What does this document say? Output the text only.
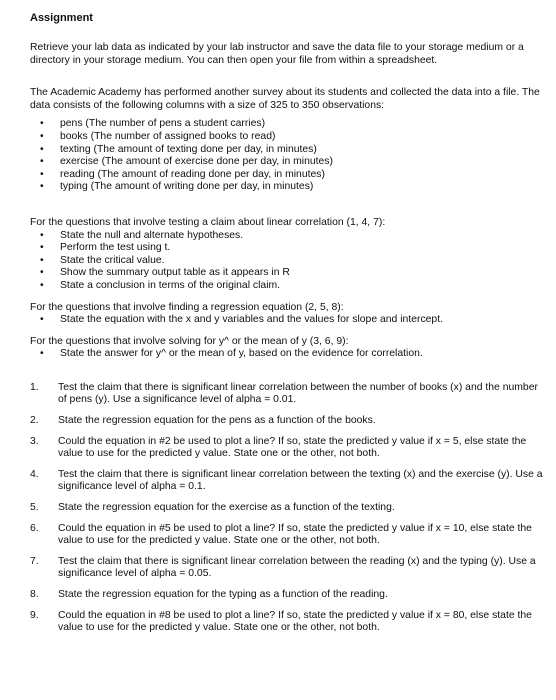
Assignment

Retrieve your lab data as indicated by your lab instructor and save the data file to your storage medium or a directory in your storage medium. You can then open your file from within a spreadsheet.

The Academic Academy has performed another survey about its students and collected the data into a file. The data consists of the following columns with a size of 325 to 350 observations:

• pens (The number of pens a student carries)
• books (The number of assigned books to read)
• texting (The amount of texting done per day, in minutes)
• exercise (The amount of exercise done per day, in minutes)
• reading (The amount of reading done per day, in minutes)
• typing (The amount of writing done per day, in minutes)

For the questions that involve testing a claim about linear correlation (1, 4, 7):

• State the null and alternate hypotheses.
• Perform the test using t.
• State the critical value.
• Show the summary output table as it appears in R
• State a conclusion in terms of the original claim.

For the questions that involve finding a regression equation (2, 5, 8):

• State the equation with the x and y variables and the values for slope and intercept.

For the questions that involve solving for y^ or the mean of y (3, 6, 9):

• State the answer for y^ or the mean of y, based on the evidence for correlation.
1. Test the claim that there is significant linear correlation between the number of books (x) and the number of pens (y). Use a significance level of alpha = 0.01.
2. State the regression equation for the pens as a function of the books.
3. Could the equation in #2 be used to plot a line? If so, state the predicted y value if x = 5, else state the value to use for the predicted y value. State one or the other, not both.
4. Test the claim that there is significant linear correlation between the texting (x) and the exercise (y). Use a significance level of alpha = 0.1.
5. State the regression equation for the exercise as a function of the texting.
6. Could the equation in #5 be used to plot a line? If so, state the predicted y value if x = 10, else state the value to use for the predicted y value. State one or the other, not both.
7. Test the claim that there is significant linear correlation between the reading (x) and the typing (y). Use a significance level of alpha = 0.05.
8. State the regression equation for the typing as a function of the reading.
9. Could the equation in #8 be used to plot a line? If so, state the predicted y value if x = 80, else state the value to use for the predicted y value. State one or the other, not both.
